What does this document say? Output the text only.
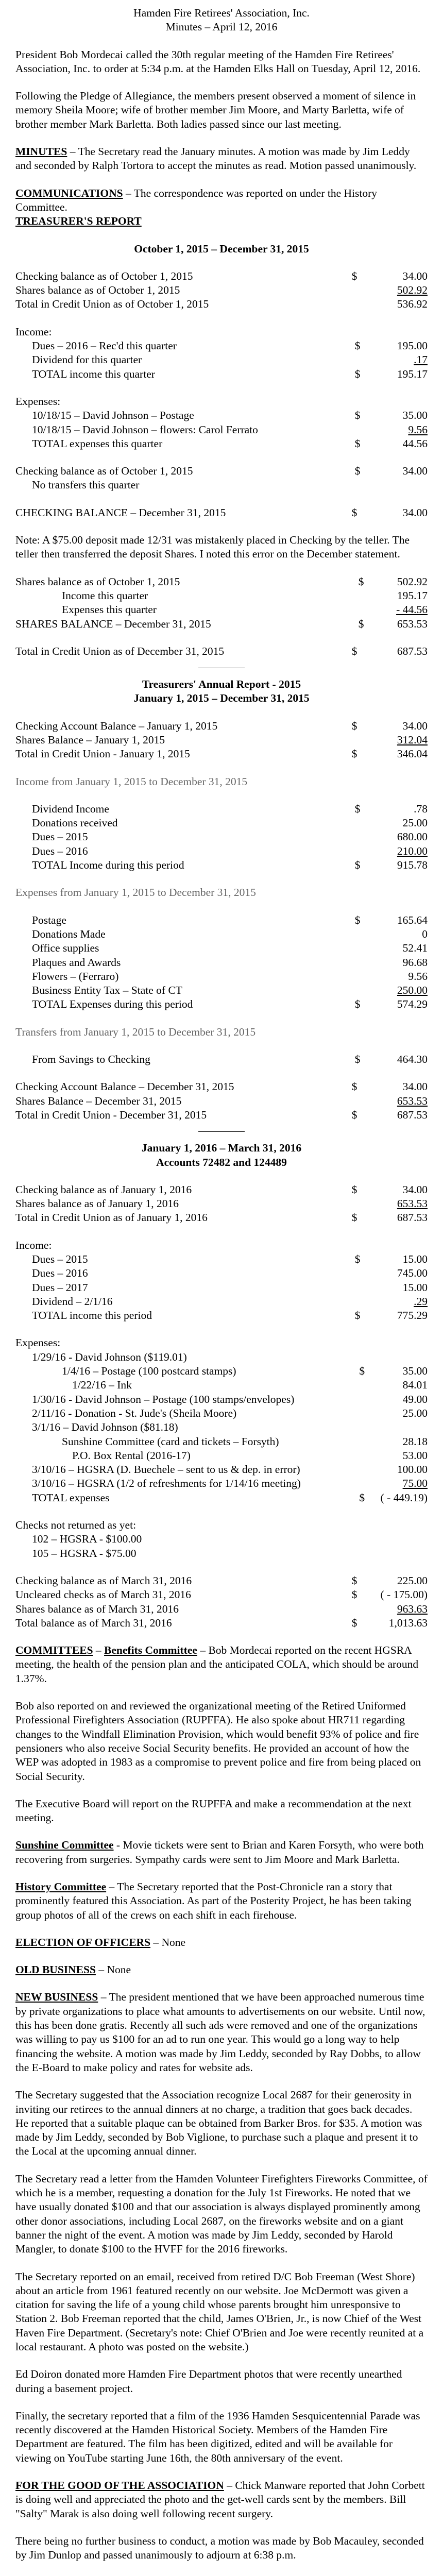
Hamden Fire Retirees' Association, Inc.
Minutes – April 12, 2016

President Bob Mordecai called the 30th regular meeting of the Hamden Fire Retirees' Association, Inc. to order at 5:34 p.m. at the Hamden Elks Hall on Tuesday, April 12, 2016.

Following the Pledge of Allegiance, the members present observed a moment of silence in memory Sheila Moore; wife of brother member Jim Moore, and Marty Barletta, wife of brother member Mark Barletta. Both ladies passed since our last meeting.

MINUTES – The Secretary read the January minutes. A motion was made by Jim Leddy and seconded by Ralph Tortora to accept the minutes as read. Motion passed unanimously.

COMMUNICATIONS – The correspondence was reported on under the History Committee.

TREASURER'S REPORT
October 1, 2015 – December 31, 2015
Checking balance as of October 1, 2015	$	34.00
Shares balance as of October 1, 2015		502.92
Total in Credit Union as of October 1, 2015		536.92
Income:
Dues – 2016 – Rec'd this quarter	$	195.00
Dividend for this quarter		.17
TOTAL income this quarter	$	195.17
Expenses:
10/18/15 – David Johnson – Postage	$	35.00
10/18/15 – David Johnson – flowers: Carol Ferrato		9.56
TOTAL expenses this quarter	$	44.56
Checking balance as of October 1, 2015	$	34.00
No transfers this quarter		
CHECKING BALANCE – December 31, 2015	$	34.00

Note: A $75.00 deposit made 12/31 was mistakenly placed in Checking by the teller. The teller then transferred the deposit Shares. I noted this error on the December statement.

Shares balance as of October 1, 2015	$	502.92
Income this quarter		195.17
Expenses this quarter		- 44.56
SHARES BALANCE – December 31, 2015	$	653.53
Total in Credit Union as of December 31, 2015	$	687.53
Treasurers' Annual Report - 2015
January 1, 2015 – December 31, 2015
Checking Account Balance – January 1, 2015	$	34.00
Shares Balance – January 1, 2015		312.04
Total in Credit Union - January 1, 2015	$	346.04
Income from January 1, 2015 to December 31, 2015
Dividend Income	$	.78
Donations received		25.00
Dues – 2015		680.00
Dues – 2016		210.00
TOTAL Income during this period	$	915.78
Expenses from January 1, 2015 to December 31, 2015
Postage	$	165.64
Donations Made		0
Office supplies		52.41
Plaques and Awards		96.68
Flowers – (Ferraro)		9.56
Business Entity Tax – State of CT		250.00
TOTAL Expenses during this period	$	574.29
Transfers from January 1, 2015 to December 31, 2015
From Savings to Checking	$	464.30
Checking Account Balance – December 31, 2015	$	34.00
Shares Balance – December 31, 2015		653.53
Total in Credit Union - December 31, 2015	$	687.53
January 1, 2016 – March 31, 2016
Accounts 72482 and 124489
Checking balance as of January 1, 2016	$	34.00
Shares balance as of January 1, 2016		653.53
Total in Credit Union as of January 1, 2016	$	687.53
Income:
Dues – 2015	$	15.00
Dues – 2016		745.00
Dues – 2017		15.00
Dividend – 2/1/16		.29
TOTAL income this period	$	775.29
Expenses:
1/29/16 - David Johnson ($119.01)		
1/4/16 – Postage (100 postcard stamps)	$	35.00
1/22/16 – Ink		84.01
1/30/16 - David Johnson – Postage (100 stamps/envelopes)		49.00
2/11/16 - Donation - St. Jude's (Sheila Moore)		25.00
3/1/16 – David Johnson ($81.18)		
Sunshine Committee (card and tickets – Forsyth)		28.18
P.O. Box Rental (2016-17)		53.00
3/10/16 – HGSRA (D. Buechele – sent to us & dep. in error)		100.00
3/10/16 – HGSRA (1/2 of refreshments for 1/14/16 meeting)		75.00
TOTAL expenses	$	( - 449.19)
Checks not returned as yet:
102 – HGSRA - $100.00
105 – HGSRA - $75.00
Checking balance as of March 31, 2016	$	225.00
Uncleared checks as of March 31, 2016	$	( - 175.00)
Shares balance as of March 31, 2016		963.63
Total balance as of March 31, 2016	$	1,013.63

COMMITTEES – Benefits Committee – Bob Mordecai reported on the recent HGSRA meeting, the health of the pension plan and the anticipated COLA, which should be around 1.37%.

Bob also reported on and reviewed the organizational meeting of the Retired Uniformed Professional Firefighters Association (RUPFFA). He also spoke about HR711 regarding changes to the Windfall Elimination Provision, which would benefit 93% of police and fire pensioners who also receive Social Security benefits. He provided an account of how the WEP was adopted in 1983 as a compromise to prevent police and fire from being placed on Social Security.

The Executive Board will report on the RUPFFA and make a recommendation at the next meeting.

Sunshine Committee - Movie tickets were sent to Brian and Karen Forsyth, who were both recovering from surgeries. Sympathy cards were sent to Jim Moore and Mark Barletta.

History Committee – The Secretary reported that the Post-Chronicle ran a story that prominently featured this Association. As part of the Posterity Project, he has been taking group photos of all of the crews on each shift in each firehouse.

ELECTION OF OFFICERS – None

OLD BUSINESS – None

NEW BUSINESS – The president mentioned that we have been approached numerous time by private organizations to place what amounts to advertisements on our website. Until now, this has been done gratis. Recently all such ads were removed and one of the organizations was willing to pay us $100 for an ad to run one year. This would go a long way to help financing the website. A motion was made by Jim Leddy, seconded by Ray Dobbs, to allow the E-Board to make policy and rates for website ads.

The Secretary suggested that the Association recognize Local 2687 for their generosity in inviting our retirees to the annual dinners at no charge, a tradition that goes back decades. He reported that a suitable plaque can be obtained from Barker Bros. for $35. A motion was made by Jim Leddy, seconded by Bob Viglione, to purchase such a plaque and present it to the Local at the upcoming annual dinner.

The Secretary read a letter from the Hamden Volunteer Firefighters Fireworks Committee, of which he is a member, requesting a donation for the July 1st Fireworks. He noted that we have usually donated $100 and that our association is always displayed prominently among other donor associations, including Local 2687, on the fireworks website and on a giant banner the night of the event. A motion was made by Jim Leddy, seconded by Harold Mangler, to donate $100 to the HVFF for the 2016 fireworks.

The Secretary reported on an email, received from retired D/C Bob Freeman (West Shore) about an article from 1961 featured recently on our website. Joe McDermott was given a citation for saving the life of a young child whose parents brought him unresponsive to Station 2. Bob Freeman reported that the child, James O'Brien, Jr., is now Chief of the West Haven Fire Department. (Secretary's note: Chief O'Brien and Joe were recently reunited at a local restaurant. A photo was posted on the website.)

Ed Doiron donated more Hamden Fire Department photos that were recently unearthed during a basement project.

Finally, the secretary reported that a film of the 1936 Hamden Sesquicentennial Parade was recently discovered at the Hamden Historical Society. Members of the Hamden Fire Department are featured. The film has been digitized, edited and will be available for viewing on YouTube starting June 16th, the 80th anniversary of the event.

FOR THE GOOD OF THE ASSOCIATION – Chick Manware reported that John Corbett is doing well and appreciated the photo and the get-well cards sent by the members. Bill "Salty" Marak is also doing well following recent surgery.

There being no further business to conduct, a motion was made by Bob Macauley, seconded by Jim Dunlop and passed unanimously to adjourn at 6:38 p.m.
